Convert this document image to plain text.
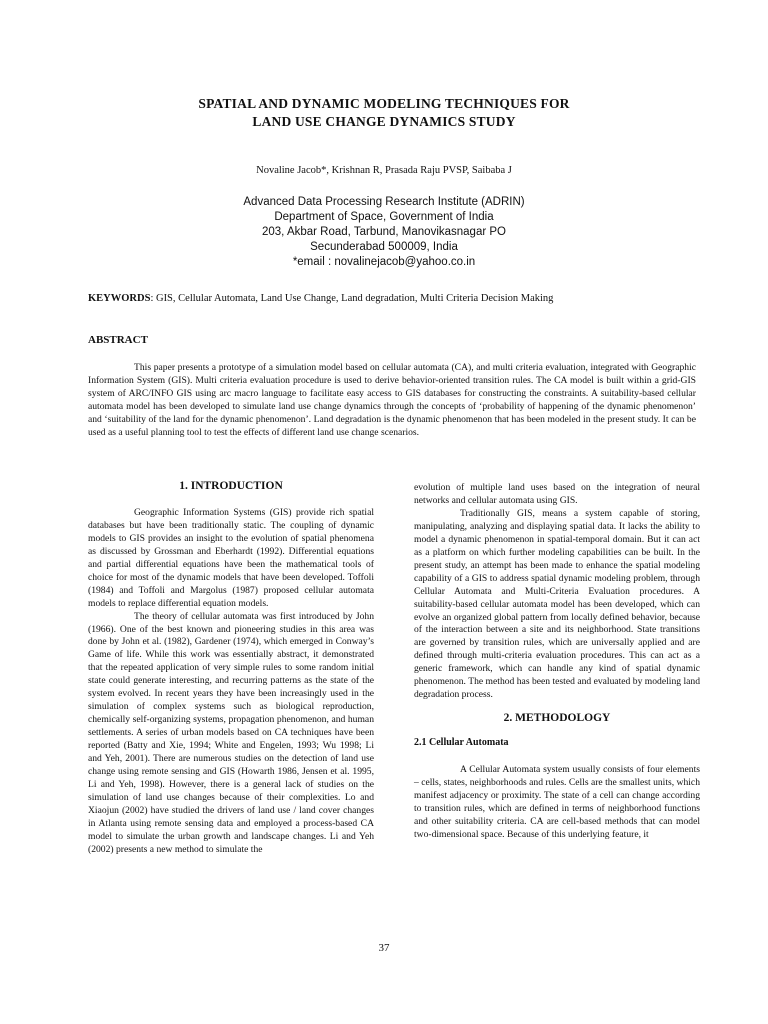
SPATIAL AND DYNAMIC MODELING TECHNIQUES FOR
LAND USE CHANGE DYNAMICS STUDY
Novaline Jacob*, Krishnan R, Prasada Raju PVSP, Saibaba J
Advanced Data Processing Research Institute (ADRIN)
Department of Space, Government of India
203, Akbar Road, Tarbund, Manovikasnagar PO
Secunderabad 500009, India
*email : novalinejacob@yahoo.co.in
KEYWORDS: GIS, Cellular Automata, Land Use Change, Land degradation, Multi Criteria Decision Making
ABSTRACT

This paper presents a prototype of a simulation model based on cellular automata (CA), and multi criteria evaluation, integrated with Geographic Information System (GIS). Multi criteria evaluation procedure is used to derive behavior-oriented transition rules. The CA model is built within a grid-GIS system of ARC/INFO GIS using arc macro language to facilitate easy access to GIS databases for constructing the constraints. A suitability-based cellular automata model has been developed to simulate land use change dynamics through the concepts of ‘probability of happening of the dynamic phenomenon’ and ‘suitability of the land for the dynamic phenomenon’. Land degradation is the dynamic phenomenon that has been modeled in the present study. It can be used as a useful planning tool to test the effects of different land use change scenarios.

1. INTRODUCTION

Geographic Information Systems (GIS) provide rich spatial databases but have been traditionally static. The coupling of dynamic models to GIS provides an insight to the evolution of spatial phenomena as discussed by Grossman and Eberhardt (1992). Differential equations and partial differential equations have been the mathematical tools of choice for most of the dynamic models that have been developed. Toffoli (1984) and Toffoli and Margolus (1987) proposed cellular automata models to replace differential equation models.

The theory of cellular automata was first introduced by John (1966). One of the best known and pioneering studies in this area was done by John et al. (1982), Gardener (1974), which emerged in Conway’s Game of life. While this work was essentially abstract, it demonstrated that the repeated application of very simple rules to some random initial state could generate interesting, and recurring patterns as the state of the system evolved. In recent years they have been increasingly used in the simulation of complex systems such as biological reproduction, chemically self-organizing systems, propagation phenomenon, and human settlements. A series of urban models based on CA techniques have been reported (Batty and Xie, 1994; White and Engelen, 1993; Wu 1998; Li and Yeh, 2001). There are numerous studies on the detection of land use change using remote sensing and GIS (Howarth 1986, Jensen et al. 1995, Li and Yeh, 1998). However, there is a general lack of studies on the simulation of land use changes because of their complexities. Lo and Xiaojun (2002) have studied the drivers of land use / land cover changes in Atlanta using remote sensing data and employed a process-based CA model to simulate the urban growth and landscape changes. Li and Yeh (2002) presents a new method to simulate the

evolution of multiple land uses based on the integration of neural networks and cellular automata using GIS.

Traditionally GIS, means a system capable of storing, manipulating, analyzing and displaying spatial data. It lacks the ability to model a dynamic phenomenon in spatial-temporal domain. But it can act as a platform on which further modeling capabilities can be built. In the present study, an attempt has been made to enhance the spatial modeling capability of a GIS to address spatial dynamic modeling problem, through Cellular Automata and Multi-Criteria Evaluation procedures. A suitability-based cellular automata model has been developed, which can evolve an organized global pattern from locally defined behavior, because of the interaction between a site and its neighborhood. State transitions are governed by transition rules, which are universally applied and are defined through multi-criteria evaluation procedures. This can act as a generic framework, which can handle any kind of spatial dynamic phenomenon. The method has been tested and evaluated by modeling land degradation process.

2. METHODOLOGY
2.1 Cellular Automata

A Cellular Automata system usually consists of four elements – cells, states, neighborhoods and rules. Cells are the smallest units, which manifest adjacency or proximity. The state of a cell can change according to transition rules, which are defined in terms of neighborhood functions and other suitability criteria. CA are cell-based methods that can model two-dimensional space. Because of this underlying feature, it

37
